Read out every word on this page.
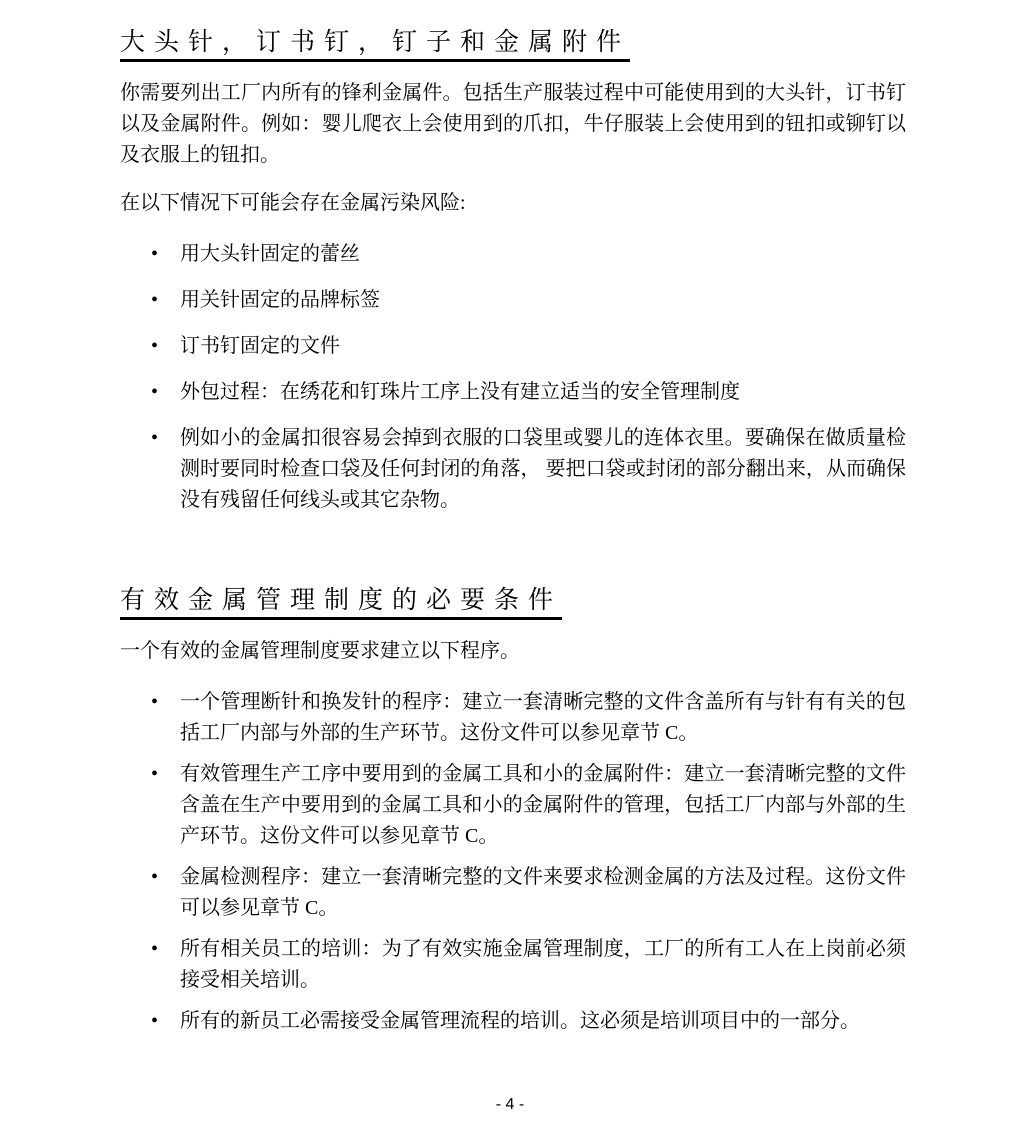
大头针，订书钉，钉子和金属附件

你需要列出工厂内所有的锋利金属件。包括生产服装过程中可能使用到的大头针，订书钉以及金属附件。例如：婴儿爬衣上会使用到的爪扣，牛仔服装上会使用到的钮扣或铆钉以及衣服上的钮扣。

在以下情况下可能会存在金属污染风险:

• 用大头针固定的蕾丝
• 用关针固定的品牌标签
• 订书钉固定的文件
• 外包过程：在绣花和钉珠片工序上没有建立适当的安全管理制度
• 例如小的金属扣很容易会掉到衣服的口袋里或婴儿的连体衣里。要确保在做质量检测时要同时检查口袋及任何封闭的角落， 要把口袋或封闭的部分翻出来，从而确保没有残留任何线头或其它杂物。
有效金属管理制度的必要条件

一个有效的金属管理制度要求建立以下程序。

• 一个管理断针和换发针的程序：建立一套清晰完整的文件含盖所有与针有有关的包括工厂内部与外部的生产环节。这份文件可以参见章节 C。
• 有效管理生产工序中要用到的金属工具和小的金属附件：建立一套清晰完整的文件含盖在生产中要用到的金属工具和小的金属附件的管理，包括工厂内部与外部的生产环节。这份文件可以参见章节 C。
• 金属检测程序：建立一套清晰完整的文件来要求检测金属的方法及过程。这份文件可以参见章节 C。
• 所有相关员工的培训：为了有效实施金属管理制度，工厂的所有工人在上岗前必须接受相关培训。
• 所有的新员工必需接受金属管理流程的培训。这必须是培训项目中的一部分。
- 4 -
